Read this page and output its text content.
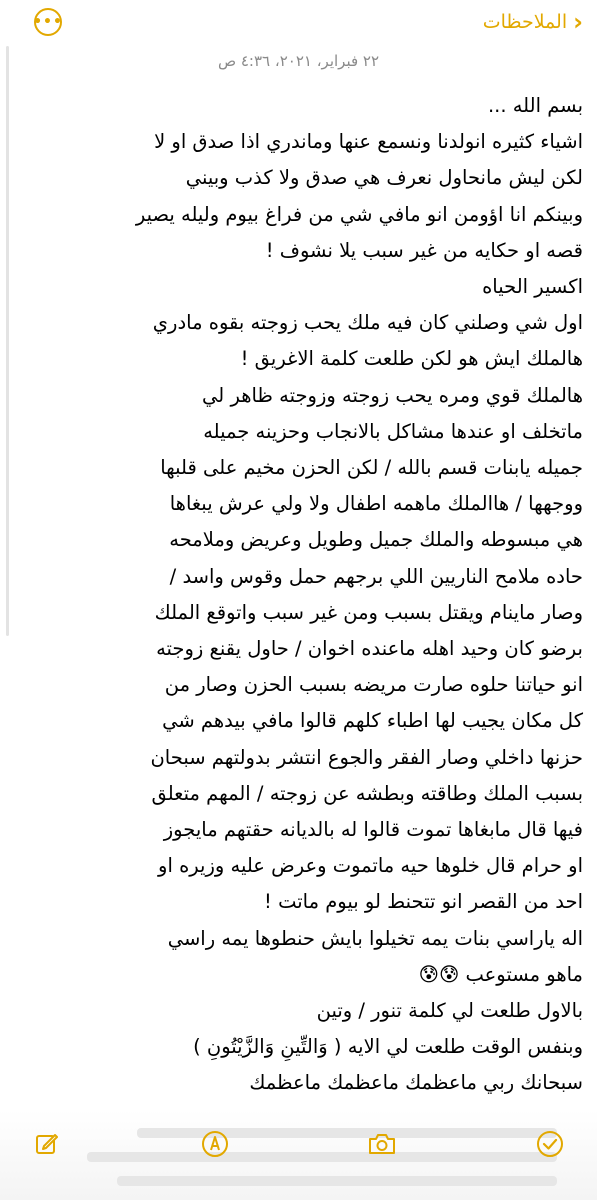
•••	الملاحظات ›
٢٢ فبراير، ٢٠٢١، ٤:٣٦ ص
بسم الله ...
اشياء كثيره انولدنا ونسمع عنها وماندري اذا صدق او لا
لكن ليش مانحاول نعرف هي صدق ولا كذب وبيني
وبينكم انا اؤومن انو مافي شي من فراغ بيوم وليله يصير
قصه او حكايه من غير سبب يلا نشوف !
اكسير الحياه
اول شي وصلني كان فيه ملك يحب زوجته بقوه مادري
هالملك ايش هو لكن طلعت كلمة الاغريق !
هالملك قوي ومره يحب زوجته وزوجته ظاهر لي
ماتخلف او عندها مشاكل بالانجاب وحزينه جميله
جميله يابنات قسم بالله / لكن الحزن مخيم على قلبها
ووجهها / هاالملك ماهمه اطفال ولا ولي عرش يبغاها
هي مبسوطه والملك جميل وطويل وعريض وملامحه
حاده ملامح الناريين اللي برجهم حمل وقوس واسد /
وصار ماينام ويقتل بسبب ومن غير سبب واتوقع الملك
برضو كان وحيد اهله ماعنده اخوان / حاول يقنع زوجته
انو حياتنا حلوه صارت مريضه بسبب الحزن وصار من
كل مكان يجيب لها اطباء كلهم قالوا مافي بيدهم شي
حزنها داخلي وصار الفقر والجوع انتشر بدولتهم سبحان
بسبب الملك وطاقته وبطشه عن زوجته / المهم متعلق
فيها قال مابغاها تموت قالوا له بالديانه حقتهم مايجوز
او حرام قال خلوها حيه ماتموت وعرض عليه وزيره او
احد من القصر انو تتحنط لو بيوم ماتت !
اله ياراسي بنات يمه تخيلوا بايش حنطوها يمه راسي
ماهو مستوعب 😰😰
بالاول طلعت لي كلمة تنور / وتين
وبنفس الوقت طلعت لي الايه ( وَالتِّينِ وَالزَّيْتُونِ )
سبحانك ربي ماعظمك ماعظمك ماعظمك
